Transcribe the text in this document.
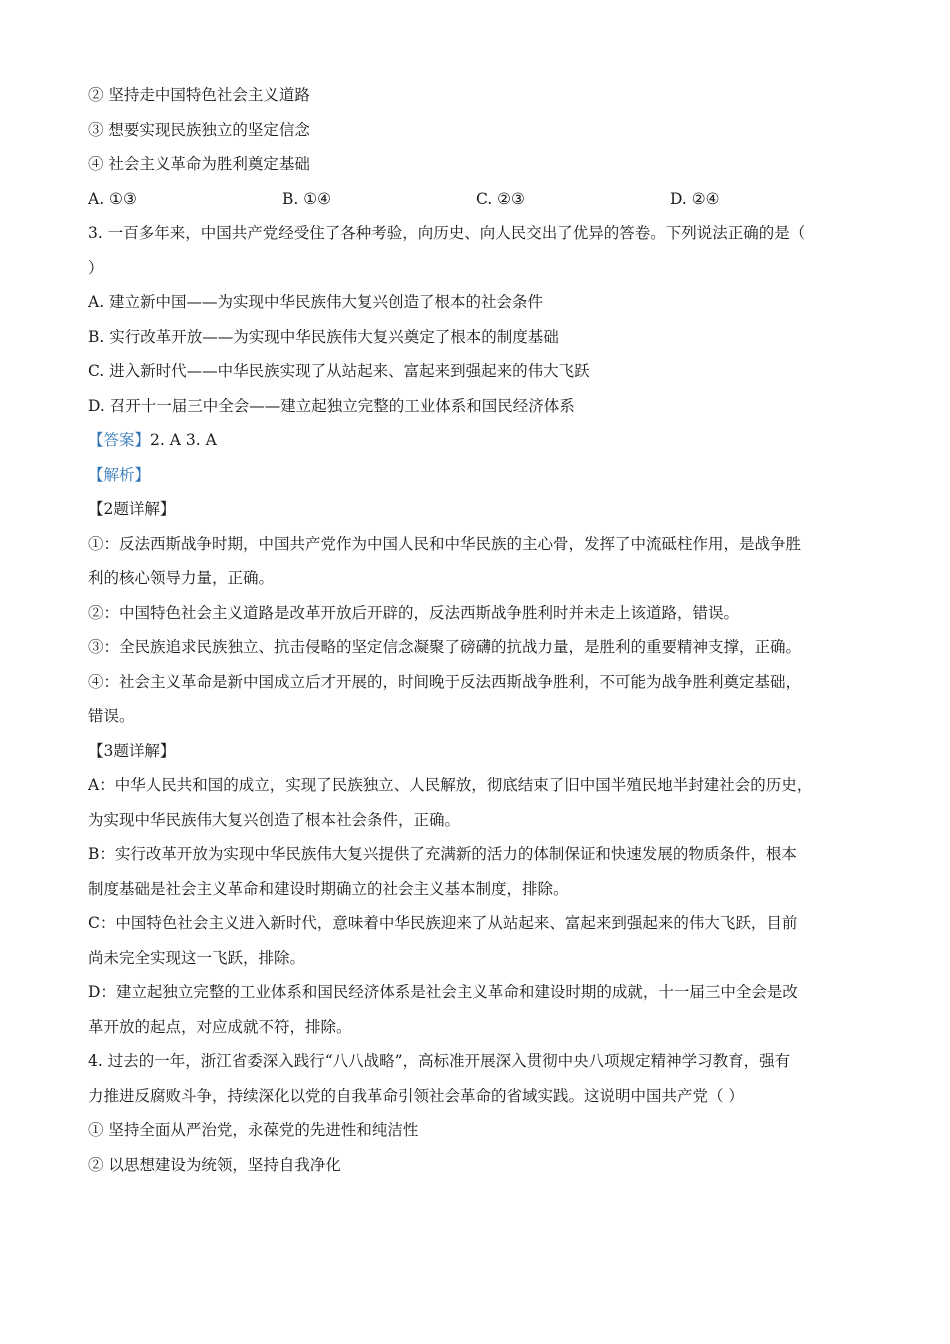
② 坚持走中国特色社会主义道路
③ 想要实现民族独立的坚定信念
④ 社会主义革命为胜利奠定基础
A. ①③	B. ①④	C. ②③	D. ②④
3. 一百多年来，中国共产党经受住了各种考验，向历史、向人民交出了优异的答卷。下列说法正确的是（
）
A. 建立新中国——为实现中华民族伟大复兴创造了根本的社会条件
B. 实行改革开放——为实现中华民族伟大复兴奠定了根本的制度基础
C. 进入新时代——中华民族实现了从站起来、富起来到强起来的伟大飞跃
D. 召开十一届三中全会——建立起独立完整的工业体系和国民经济体系
【答案】2. A 3. A
【解析】
【2题详解】
①：反法西斯战争时期，中国共产党作为中国人民和中华民族的主心骨，发挥了中流砥柱作用，是战争胜
利的核心领导力量，正确。
②：中国特色社会主义道路是改革开放后开辟的，反法西斯战争胜利时并未走上该道路，错误。
③：全民族追求民族独立、抗击侵略的坚定信念凝聚了磅礴的抗战力量，是胜利的重要精神支撑，正确。
④：社会主义革命是新中国成立后才开展的，时间晚于反法西斯战争胜利，不可能为战争胜利奠定基础，
错误。
【3题详解】
A：中华人民共和国的成立，实现了民族独立、人民解放，彻底结束了旧中国半殖民地半封建社会的历史，
为实现中华民族伟大复兴创造了根本社会条件，正确。
B：实行改革开放为实现中华民族伟大复兴提供了充满新的活力的体制保证和快速发展的物质条件，根本
制度基础是社会主义革命和建设时期确立的社会主义基本制度，排除。
C：中国特色社会主义进入新时代，意味着中华民族迎来了从站起来、富起来到强起来的伟大飞跃，目前
尚未完全实现这一飞跃，排除。
D：建立起独立完整的工业体系和国民经济体系是社会主义革命和建设时期的成就，十一届三中全会是改
革开放的起点，对应成就不符，排除。
4. 过去的一年，浙江省委深入践行“八八战略”，高标准开展深入贯彻中央八项规定精神学习教育，强有
力推进反腐败斗争，持续深化以党的自我革命引领社会革命的省域实践。这说明中国共产党（ ）
① 坚持全面从严治党，永葆党的先进性和纯洁性
② 以思想建设为统领，坚持自我净化
